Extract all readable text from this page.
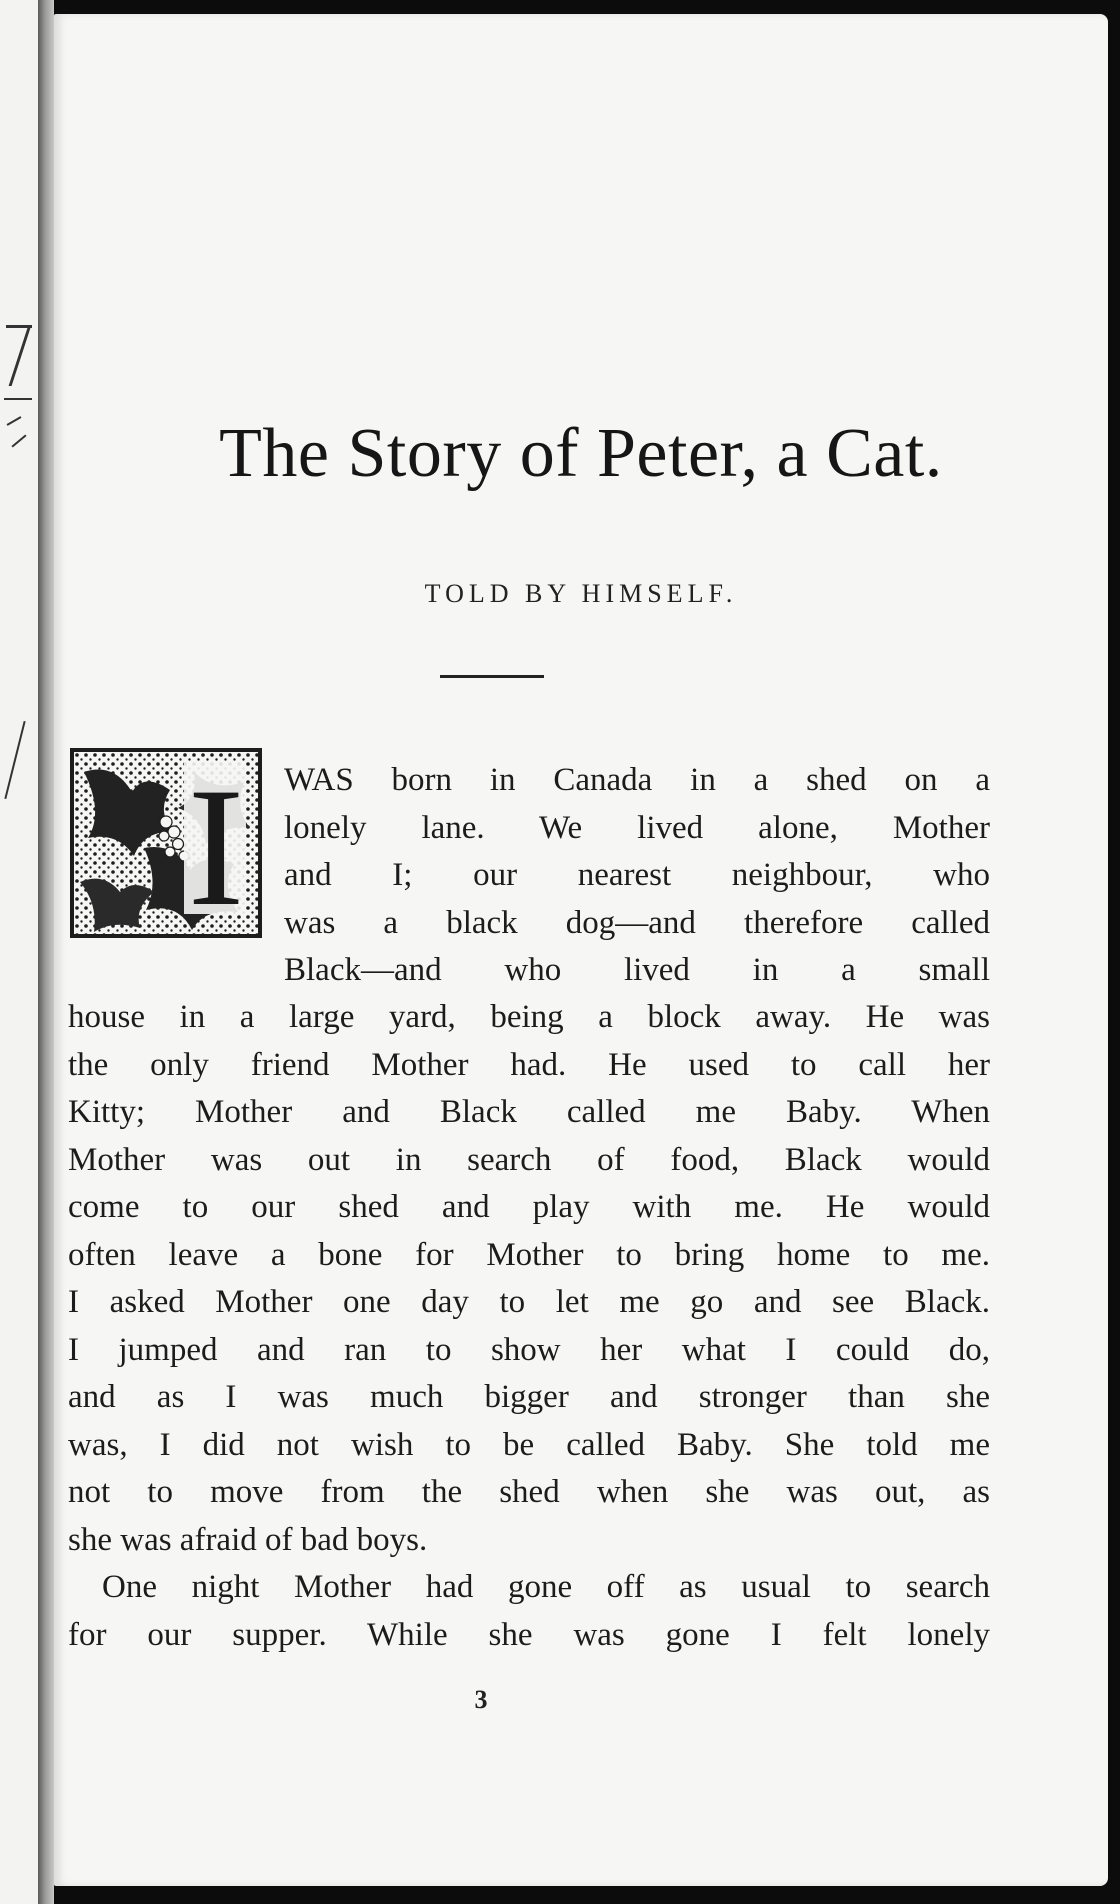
The Story of Peter, a Cat.
TOLD BY HIMSELF.
I WAS born in Canada in a shed on a
lonely lane. We lived alone, Mother
and I; our nearest neighbour, who
was a black dog—and therefore called
Black—and who lived in a small
house in a large yard, being a block away. He was
the only friend Mother had. He used to call her
Kitty; Mother and Black called me Baby. When
Mother was out in search of food, Black would
come to our shed and play with me. He would
often leave a bone for Mother to bring home to me.
I asked Mother one day to let me go and see Black.
I jumped and ran to show her what I could do,
and as I was much bigger and stronger than she
was, I did not wish to be called Baby. She told me
not to move from the shed when she was out, as
she was afraid of bad boys.
One night Mother had gone off as usual to search
for our supper. While she was gone I felt lonely
3
